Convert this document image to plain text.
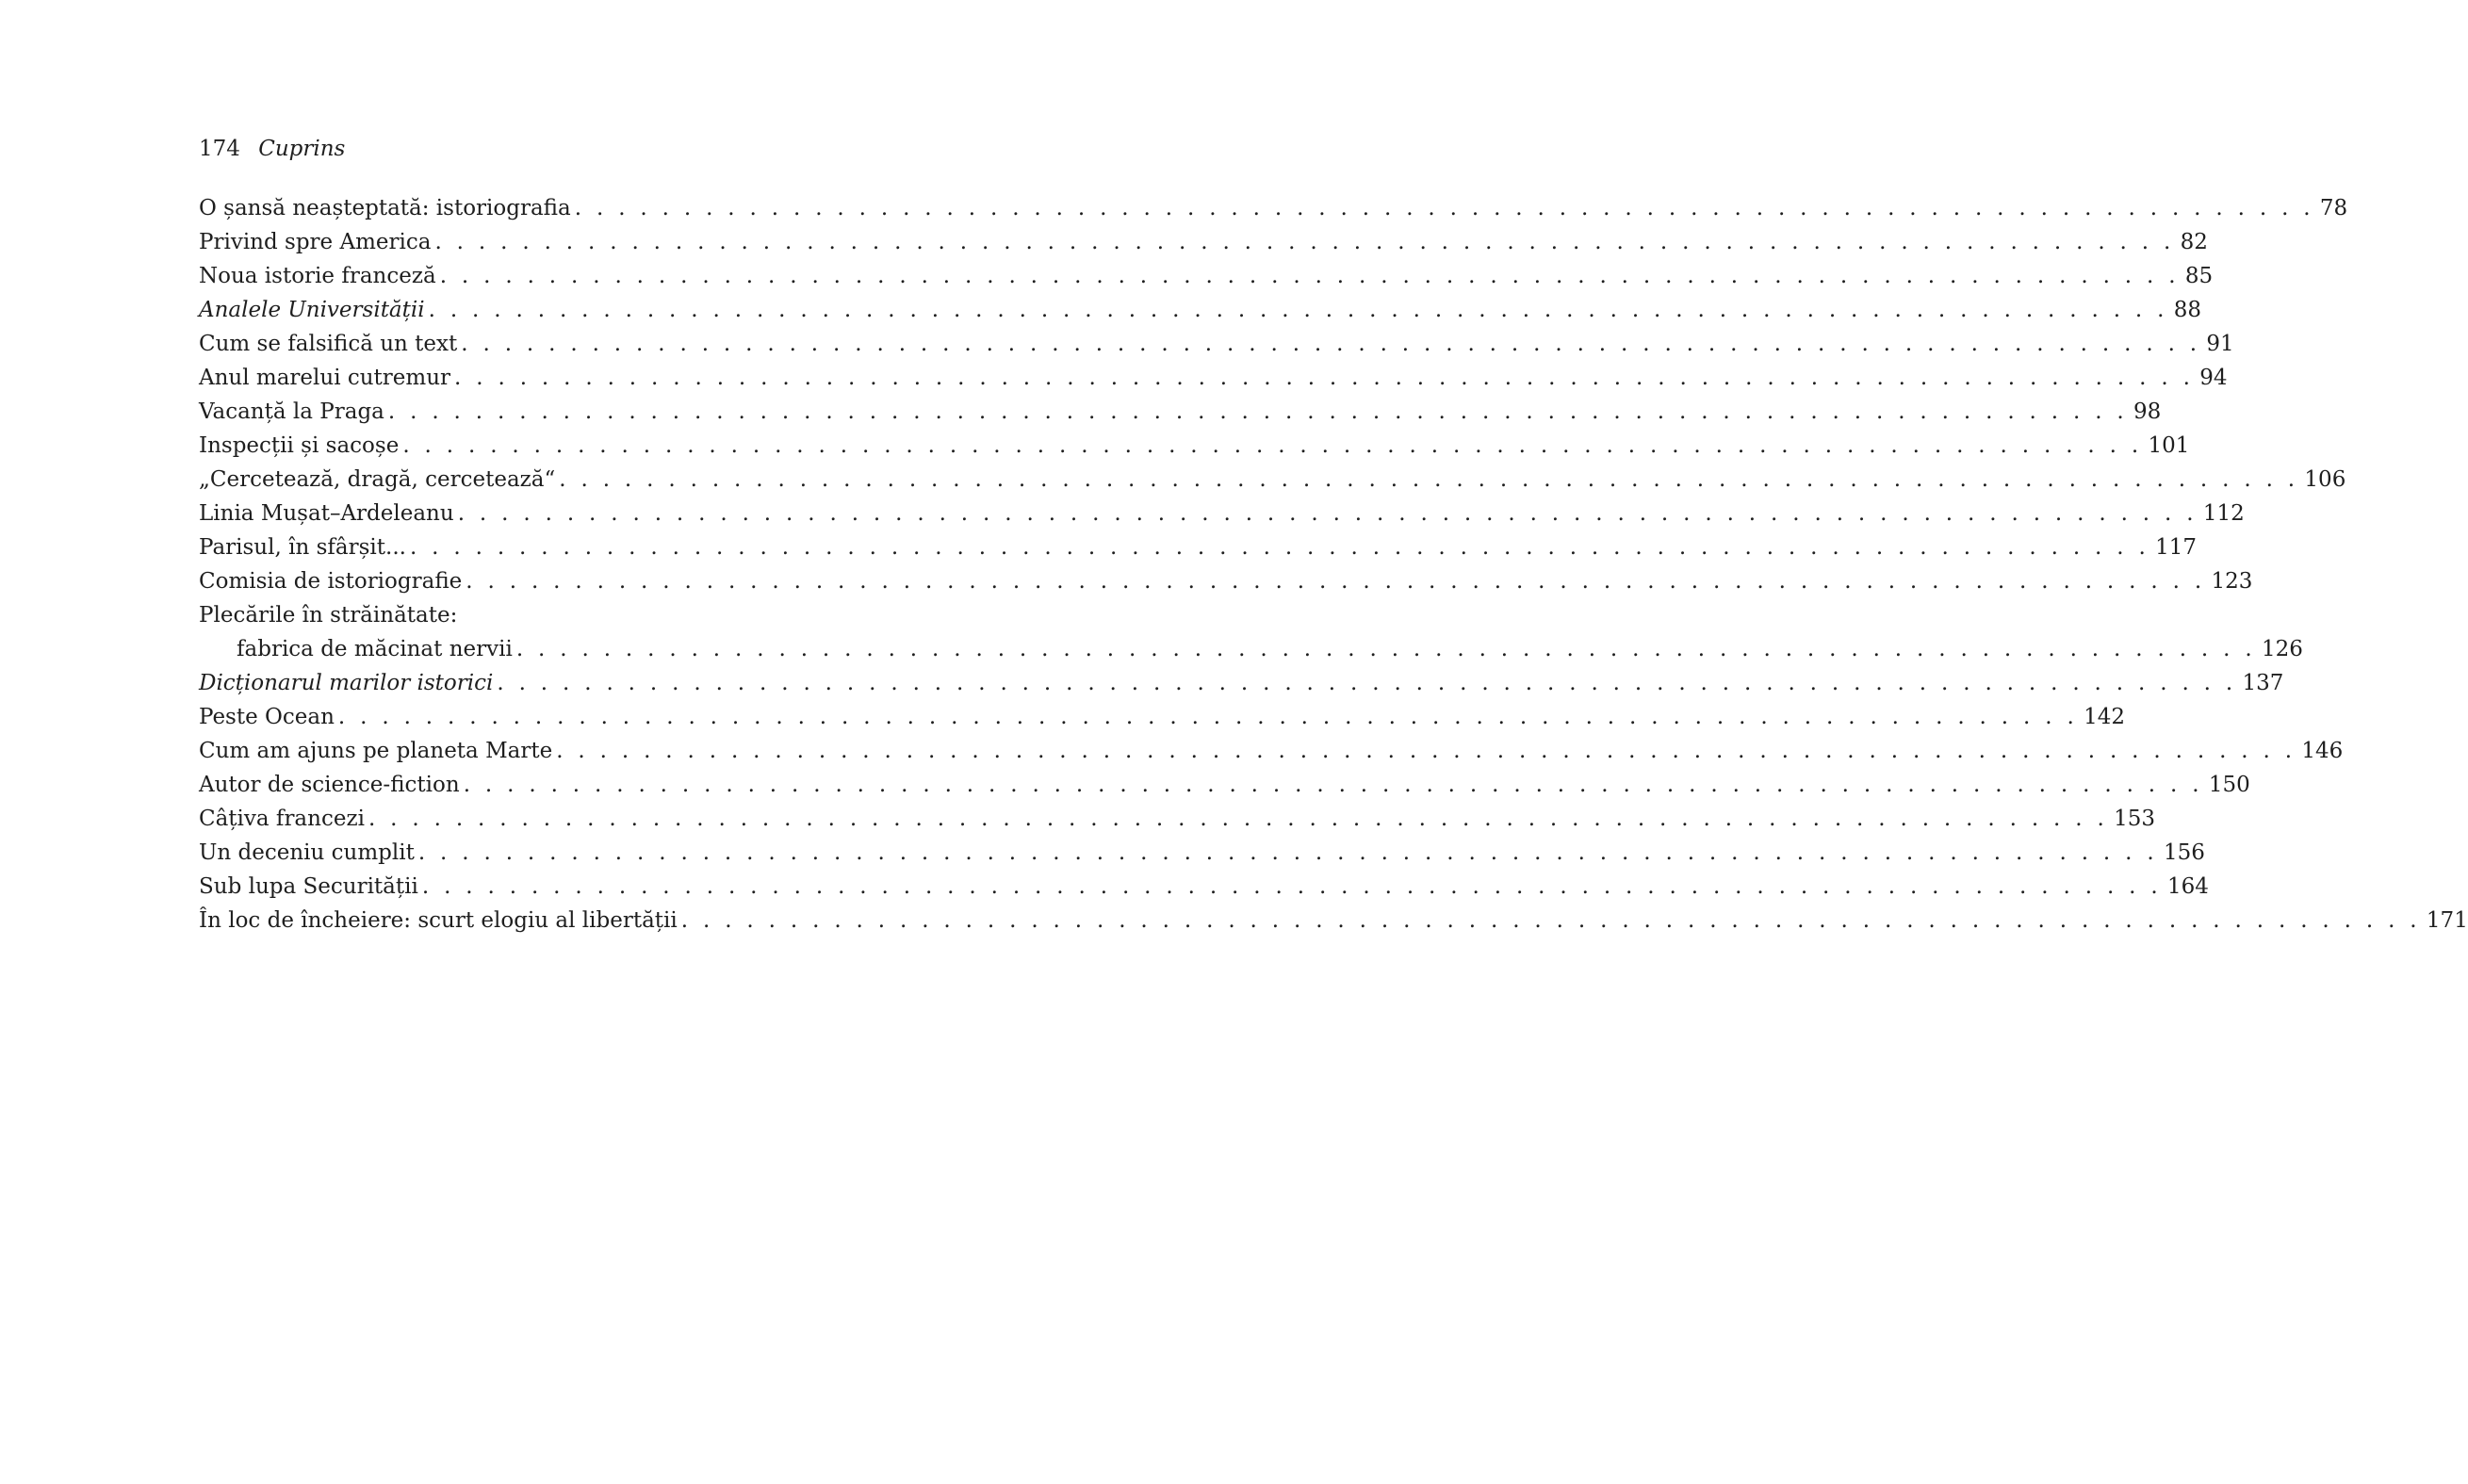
174 Cuprins
O șansă neașteptată: istoriografia . . . . . . . . . . . . . . . . . . . . . . . . . . . . . . . . . . . . . . . . . . . . . . . . . . . . . . . . . . . . . . . . . . . . . . . . . . . . . . . . 78
Privind spre America . . . . . . . . . . . . . . . . . . . . . . . . . . . . . . . . . . . . . . . . . . . . . . . . . . . . . . . . . . . . . . . . . . . . . . . . . . . . . . . . 82
Noua istorie franceză . . . . . . . . . . . . . . . . . . . . . . . . . . . . . . . . . . . . . . . . . . . . . . . . . . . . . . . . . . . . . . . . . . . . . . . . . . . . . . . . 85
Analele Universității . . . . . . . . . . . . . . . . . . . . . . . . . . . . . . . . . . . . . . . . . . . . . . . . . . . . . . . . . . . . . . . . . . . . . . . . . . . . . . . . 88
Cum se falsifică un text . . . . . . . . . . . . . . . . . . . . . . . . . . . . . . . . . . . . . . . . . . . . . . . . . . . . . . . . . . . . . . . . . . . . . . . . . . . . . . . . 91
Anul marelui cutremur . . . . . . . . . . . . . . . . . . . . . . . . . . . . . . . . . . . . . . . . . . . . . . . . . . . . . . . . . . . . . . . . . . . . . . . . . . . . . . . . 94
Vacanță la Praga . . . . . . . . . . . . . . . . . . . . . . . . . . . . . . . . . . . . . . . . . . . . . . . . . . . . . . . . . . . . . . . . . . . . . . . . . . . . . . . . 98
Inspecții și sacoșe . . . . . . . . . . . . . . . . . . . . . . . . . . . . . . . . . . . . . . . . . . . . . . . . . . . . . . . . . . . . . . . . . . . . . . . . . . . . . . . . 101
„Cercetează, dragă, cercetează“ . . . . . . . . . . . . . . . . . . . . . . . . . . . . . . . . . . . . . . . . . . . . . . . . . . . . . . . . . . . . . . . . . . . . . . . . . . . . . . . . 106
Linia Mușat–Ardeleanu . . . . . . . . . . . . . . . . . . . . . . . . . . . . . . . . . . . . . . . . . . . . . . . . . . . . . . . . . . . . . . . . . . . . . . . . . . . . . . . . 112
Parisul, în sfârșit... . . . . . . . . . . . . . . . . . . . . . . . . . . . . . . . . . . . . . . . . . . . . . . . . . . . . . . . . . . . . . . . . . . . . . . . . . . . . . . . . 117
Comisia de istoriografie . . . . . . . . . . . . . . . . . . . . . . . . . . . . . . . . . . . . . . . . . . . . . . . . . . . . . . . . . . . . . . . . . . . . . . . . . . . . . . . . 123
Plecările în străinătate:
fabrica de măcinat nervii . . . . . . . . . . . . . . . . . . . . . . . . . . . . . . . . . . . . . . . . . . . . . . . . . . . . . . . . . . . . . . . . . . . . . . . . . . . . . . . . 126
Dicționarul marilor istorici . . . . . . . . . . . . . . . . . . . . . . . . . . . . . . . . . . . . . . . . . . . . . . . . . . . . . . . . . . . . . . . . . . . . . . . . . . . . . . . . 137
Peste Ocean . . . . . . . . . . . . . . . . . . . . . . . . . . . . . . . . . . . . . . . . . . . . . . . . . . . . . . . . . . . . . . . . . . . . . . . . . . . . . . . . 142
Cum am ajuns pe planeta Marte . . . . . . . . . . . . . . . . . . . . . . . . . . . . . . . . . . . . . . . . . . . . . . . . . . . . . . . . . . . . . . . . . . . . . . . . . . . . . . . . 146
Autor de science-fiction . . . . . . . . . . . . . . . . . . . . . . . . . . . . . . . . . . . . . . . . . . . . . . . . . . . . . . . . . . . . . . . . . . . . . . . . . . . . . . . . 150
Câțiva francezi . . . . . . . . . . . . . . . . . . . . . . . . . . . . . . . . . . . . . . . . . . . . . . . . . . . . . . . . . . . . . . . . . . . . . . . . . . . . . . . . 153
Un deceniu cumplit . . . . . . . . . . . . . . . . . . . . . . . . . . . . . . . . . . . . . . . . . . . . . . . . . . . . . . . . . . . . . . . . . . . . . . . . . . . . . . . . 156
Sub lupa Securității . . . . . . . . . . . . . . . . . . . . . . . . . . . . . . . . . . . . . . . . . . . . . . . . . . . . . . . . . . . . . . . . . . . . . . . . . . . . . . . . 164
În loc de încheiere: scurt elogiu al libertății . . . . . . . . . . . . . . . . . . . . . . . . . . . . . . . . . . . . . . . . . . . . . . . . . . . . . . . . . . . . . . . . . . . . . . . . . . . . . . . . 171
